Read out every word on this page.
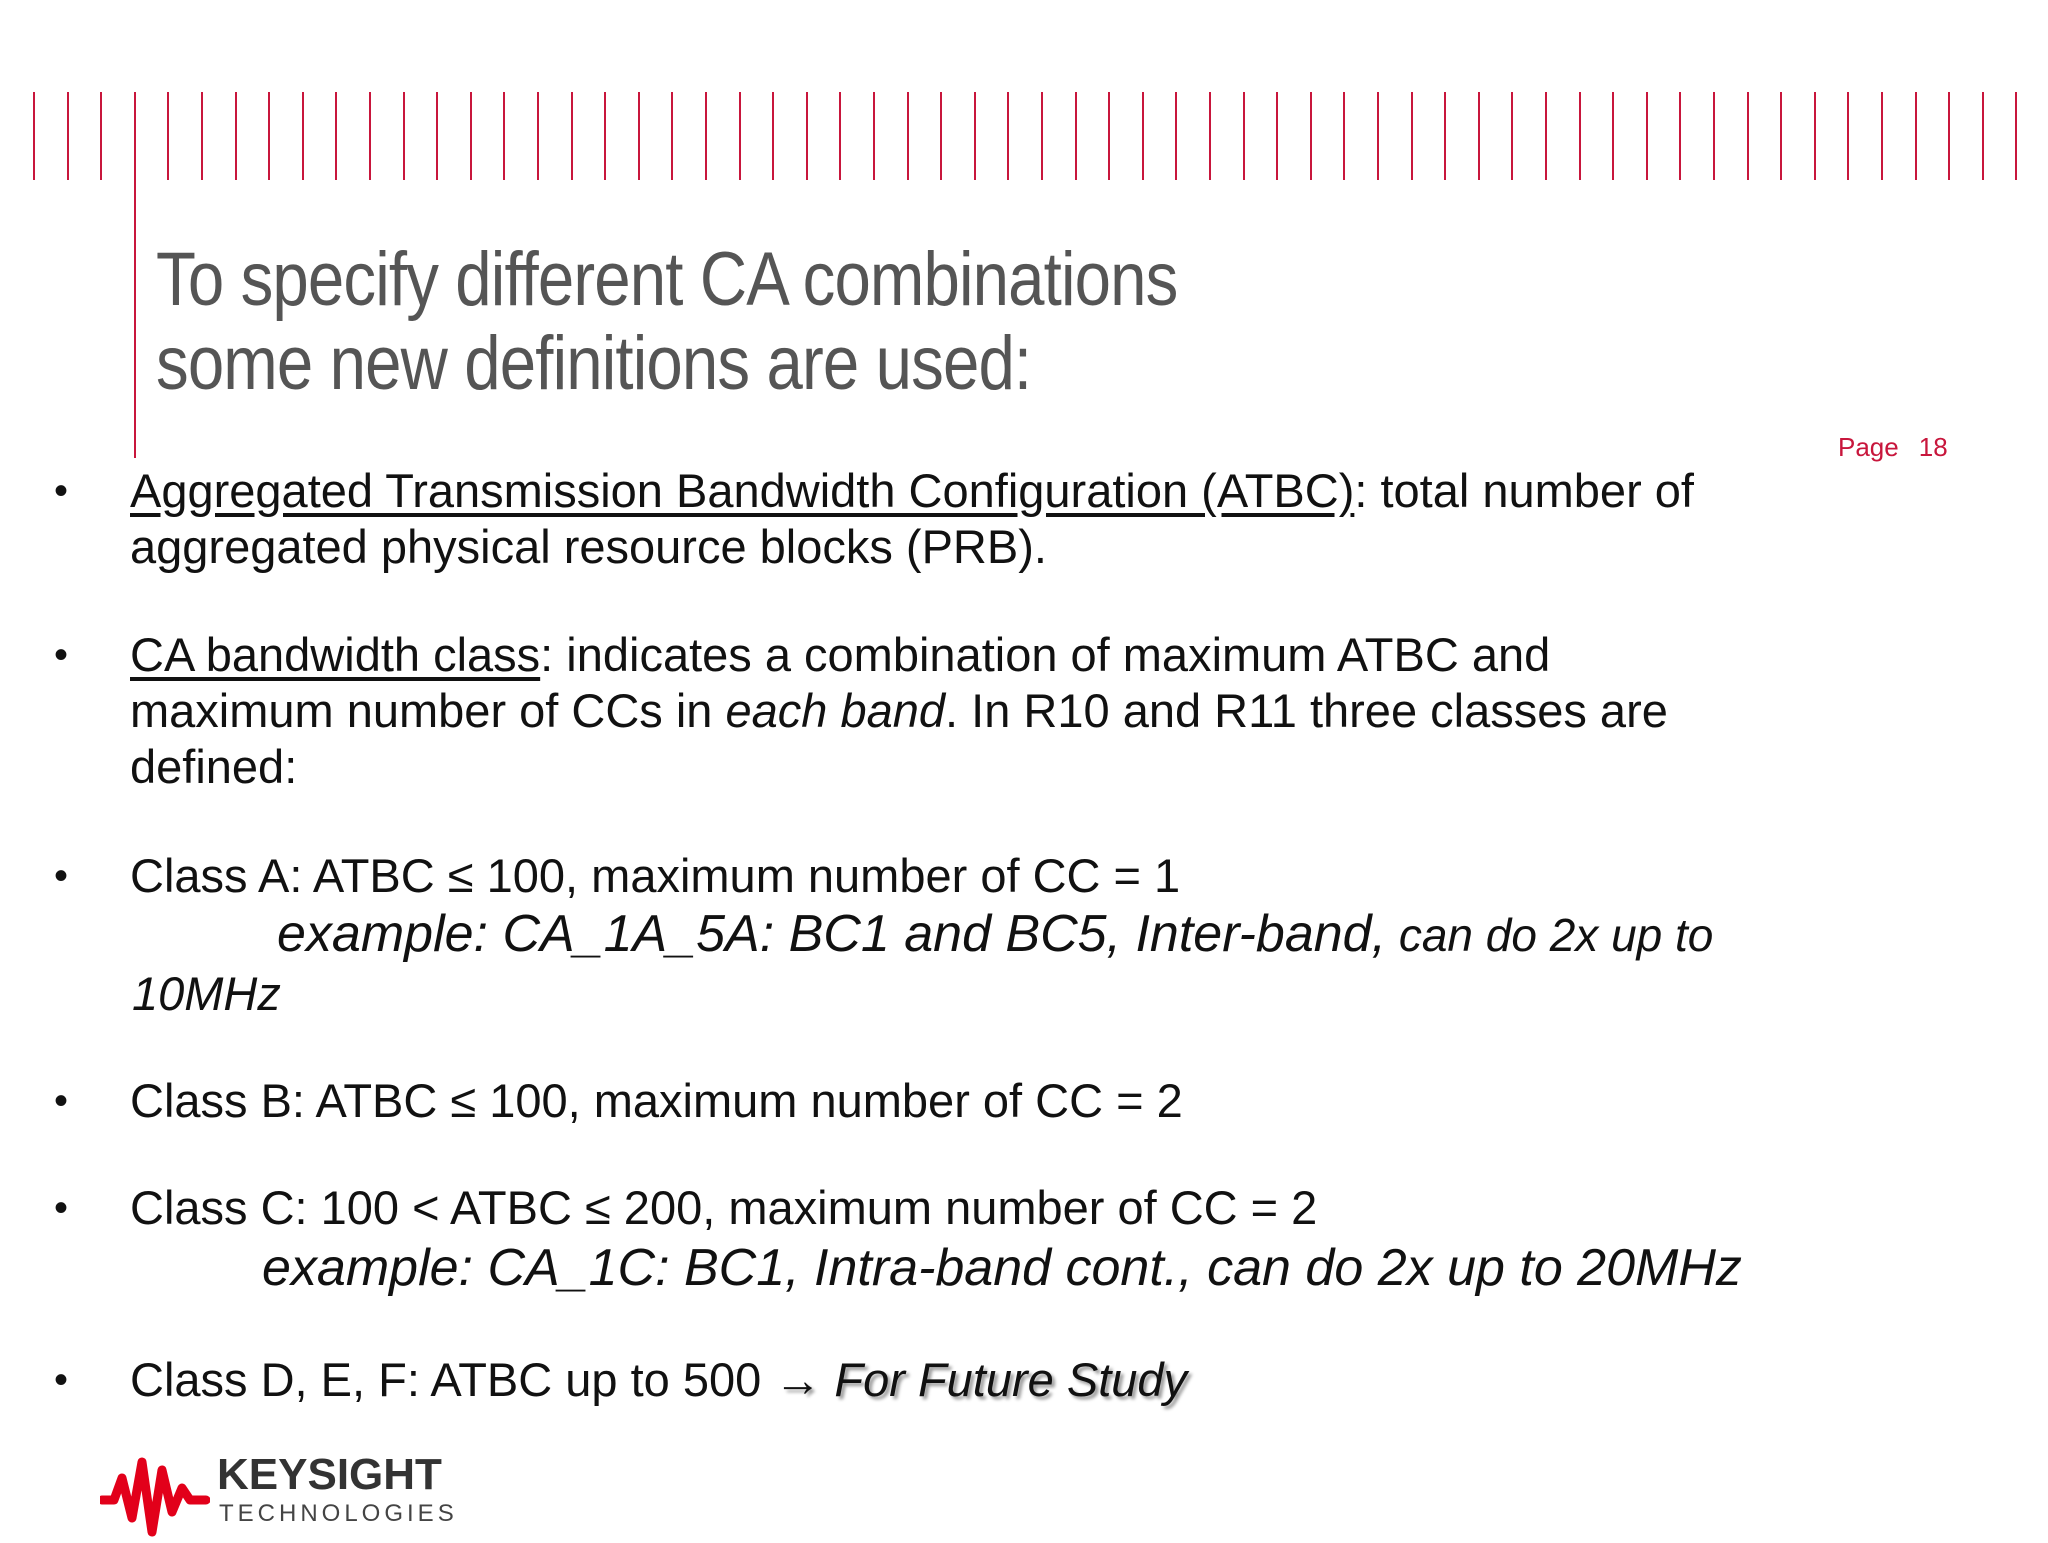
To specify different CA combinations
some new definitions are used:
Page 18
• Aggregated Transmission Bandwidth Configuration (ATBC): total number of
aggregated physical resource blocks (PRB).
• CA bandwidth class: indicates a combination of maximum ATBC and
maximum number of CCs in each band. In R10 and R11 three classes are
defined:
• Class A: ATBC ≤ 100, maximum number of CC = 1
example: CA_1A_5A: BC1 and BC5, Inter-band, can do 2x up to
10MHz
• Class B: ATBC ≤ 100, maximum number of CC = 2
• Class C: 100 < ATBC ≤ 200, maximum number of CC = 2
example: CA_1C: BC1, Intra-band cont., can do 2x up to 20MHz
• Class D, E, F: ATBC up to 500 → For Future Study
KEYSIGHT
TECHNOLOGIES
